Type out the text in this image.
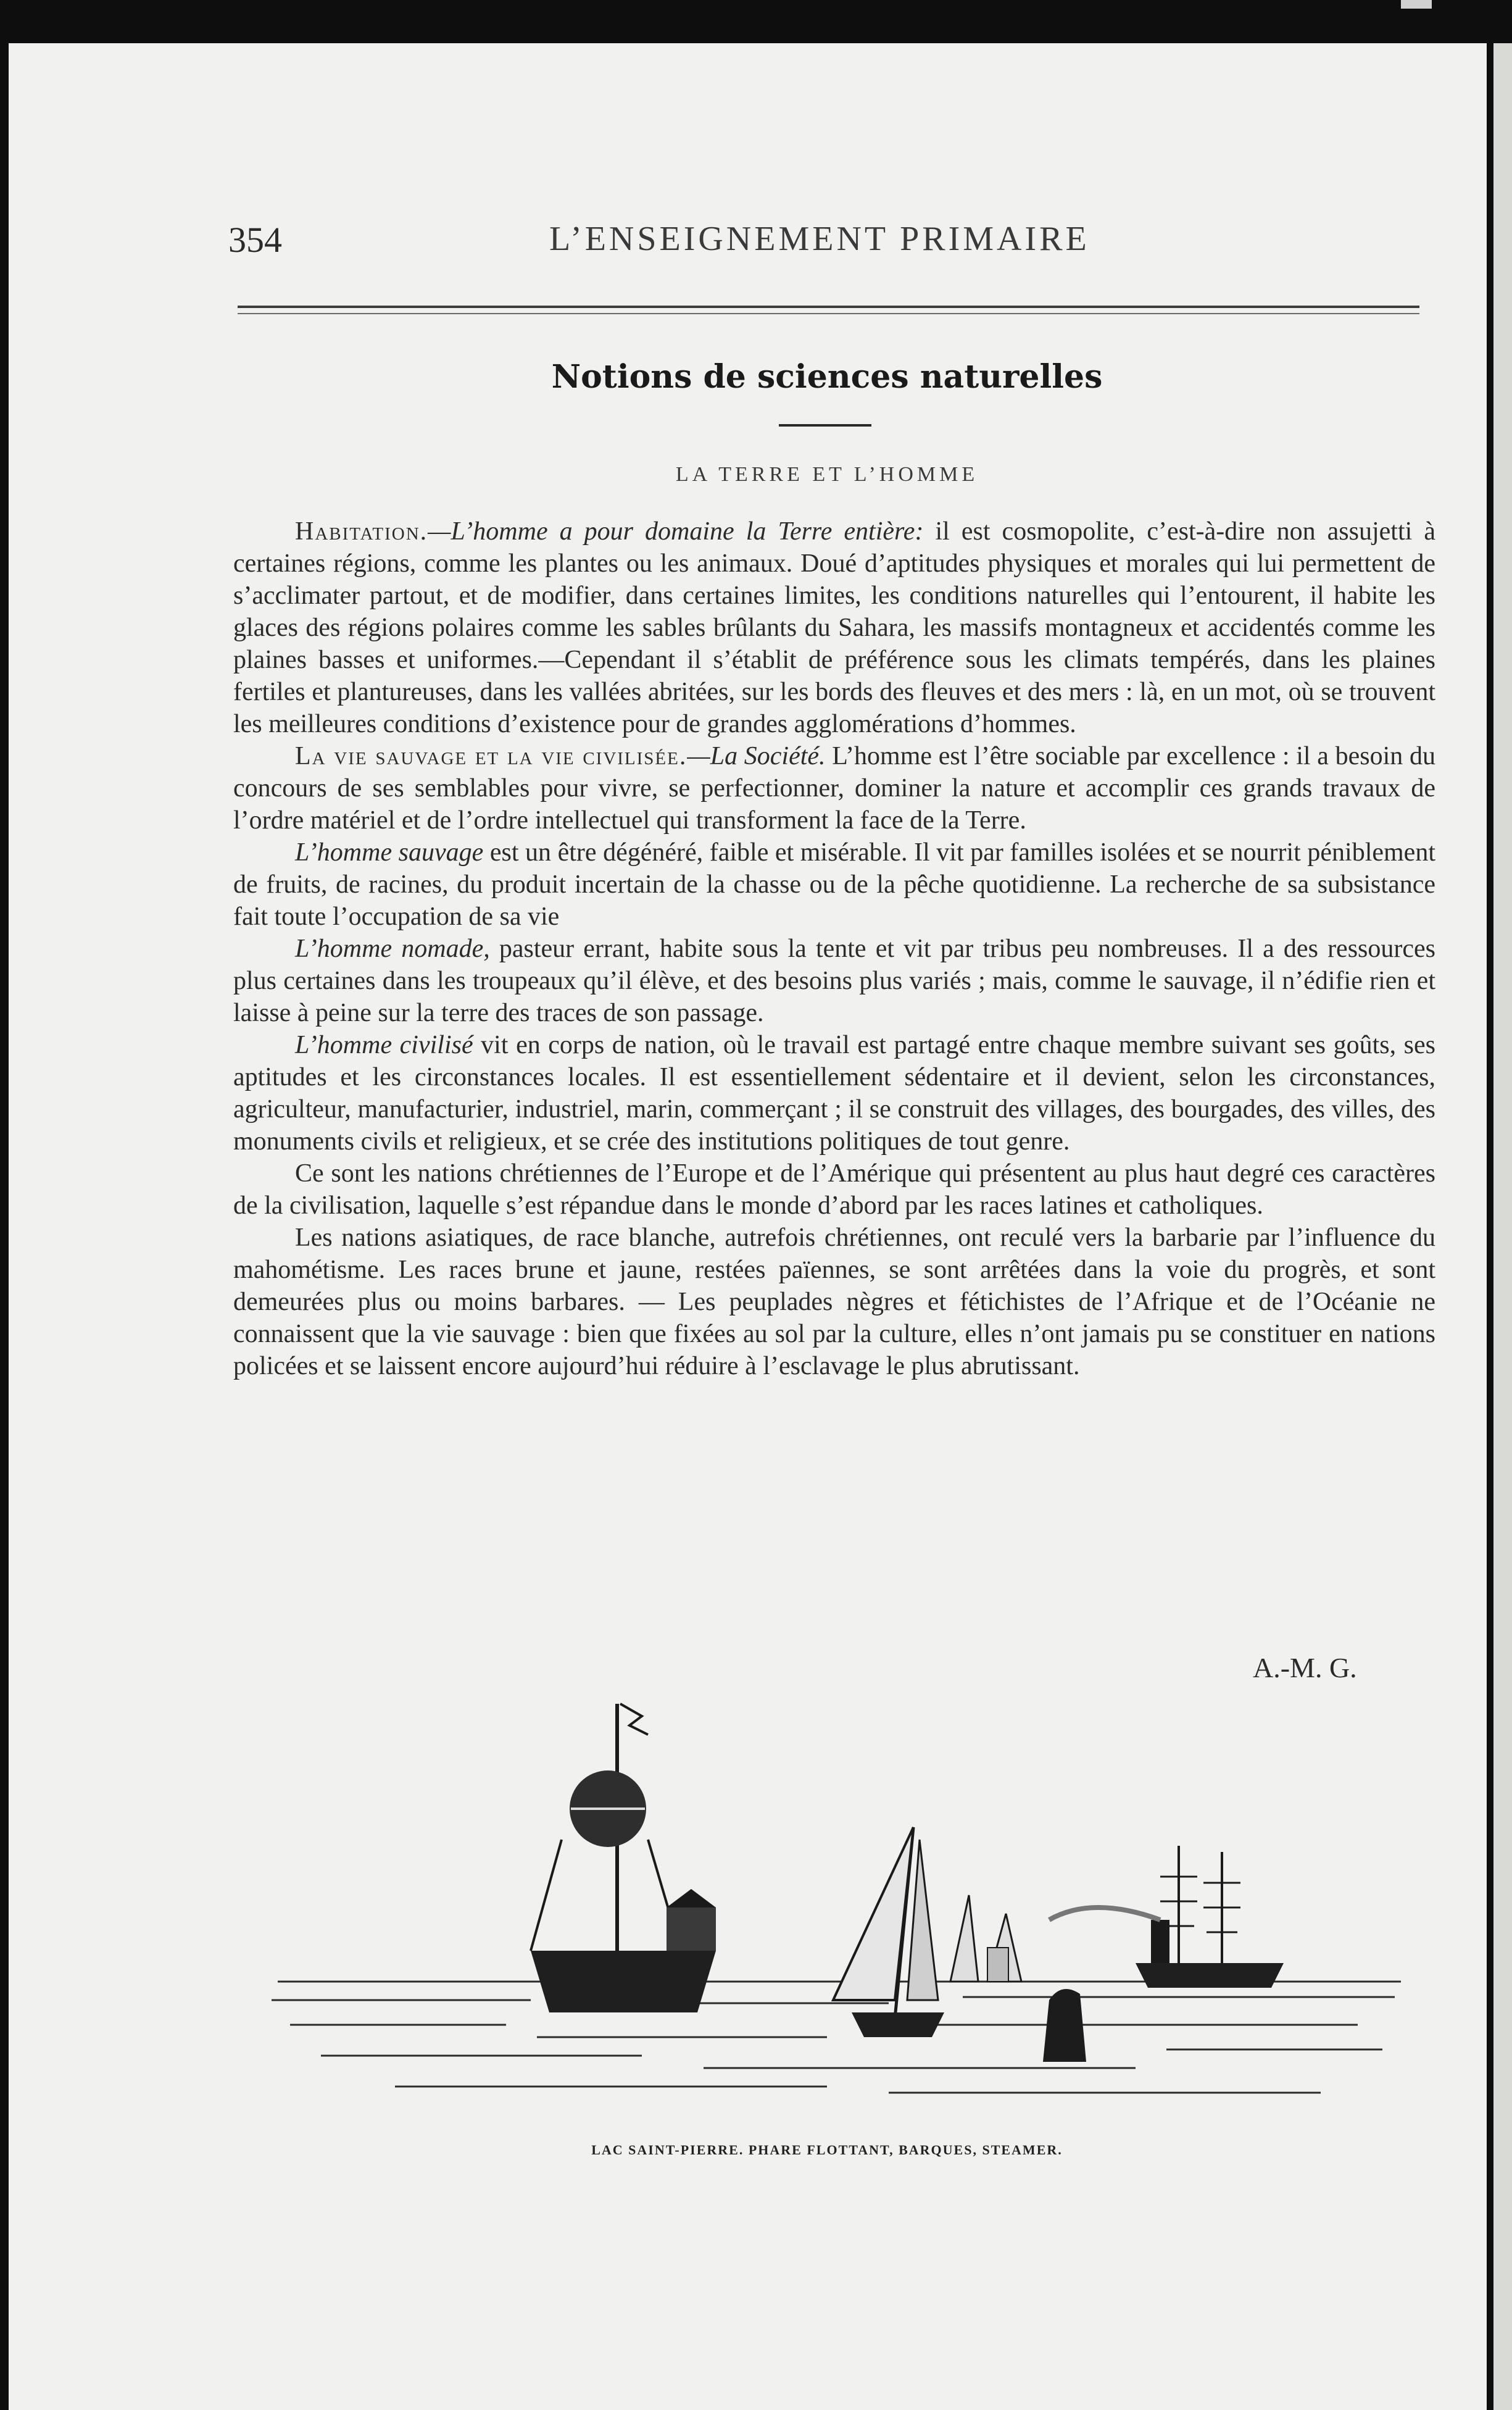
354	L’ENSEIGNEMENT PRIMAIRE
Notions de sciences naturelles
LA TERRE ET L’HOMME

Habitation.—L’homme a pour domaine la Terre entière: il est cosmopolite, c’est-à-dire non assujetti à certaines régions, comme les plantes ou les animaux. Doué d’aptitudes physiques et morales qui lui permettent de s’acclimater partout, et de modifier, dans certaines limites, les conditions naturelles qui l’entourent, il habite les glaces des régions polaires comme les sables brûlants du Sahara, les massifs montagneux et accidentés comme les plaines basses et uniformes.—Cependant il s’établit de préférence sous les climats tempérés, dans les plaines fertiles et plantureuses, dans les vallées abritées, sur les bords des fleuves et des mers : là, en un mot, où se trouvent les meilleures conditions d’existence pour de grandes agglomérations d’hommes.

La vie sauvage et la vie civilisée.—La Société. L’homme est l’être sociable par excellence : il a besoin du concours de ses semblables pour vivre, se perfectionner, dominer la nature et accomplir ces grands travaux de l’ordre matériel et de l’ordre intellectuel qui transforment la face de la Terre.

L’homme sauvage est un être dégénéré, faible et misérable. Il vit par familles isolées et se nourrit péniblement de fruits, de racines, du produit incertain de la chasse ou de la pêche quotidienne. La recherche de sa subsistance fait toute l’occupation de sa vie

L’homme nomade, pasteur errant, habite sous la tente et vit par tribus peu nombreuses. Il a des ressources plus certaines dans les troupeaux qu’il élève, et des besoins plus variés ; mais, comme le sauvage, il n’édifie rien et laisse à peine sur la terre des traces de son passage.

L’homme civilisé vit en corps de nation, où le travail est partagé entre chaque membre suivant ses goûts, ses aptitudes et les circonstances locales. Il est essentiellement sédentaire et il devient, selon les circonstances, agriculteur, manufacturier, industriel, marin, commerçant ; il se construit des villages, des bourgades, des villes, des monuments civils et religieux, et se crée des institutions politiques de tout genre.

Ce sont les nations chrétiennes de l’Europe et de l’Amérique qui présentent au plus haut degré ces caractères de la civilisation, laquelle s’est répandue dans le monde d’abord par les races latines et catholiques.

Les nations asiatiques, de race blanche, autrefois chrétiennes, ont reculé vers la barbarie par l’influence du mahométisme. Les races brune et jaune, restées païennes, se sont arrêtées dans la voie du progrès, et sont demeurées plus ou moins barbares. — Les peuplades nègres et fétichistes de l’Afrique et de l’Océanie ne connaissent que la vie sauvage : bien que fixées au sol par la culture, elles n’ont jamais pu se constituer en nations policées et se laissent encore aujourd’hui réduire à l’esclavage le plus abrutissant.

A.-M. G.
LAC SAINT-PIERRE. PHARE FLOTTANT, BARQUES, STEAMER.
